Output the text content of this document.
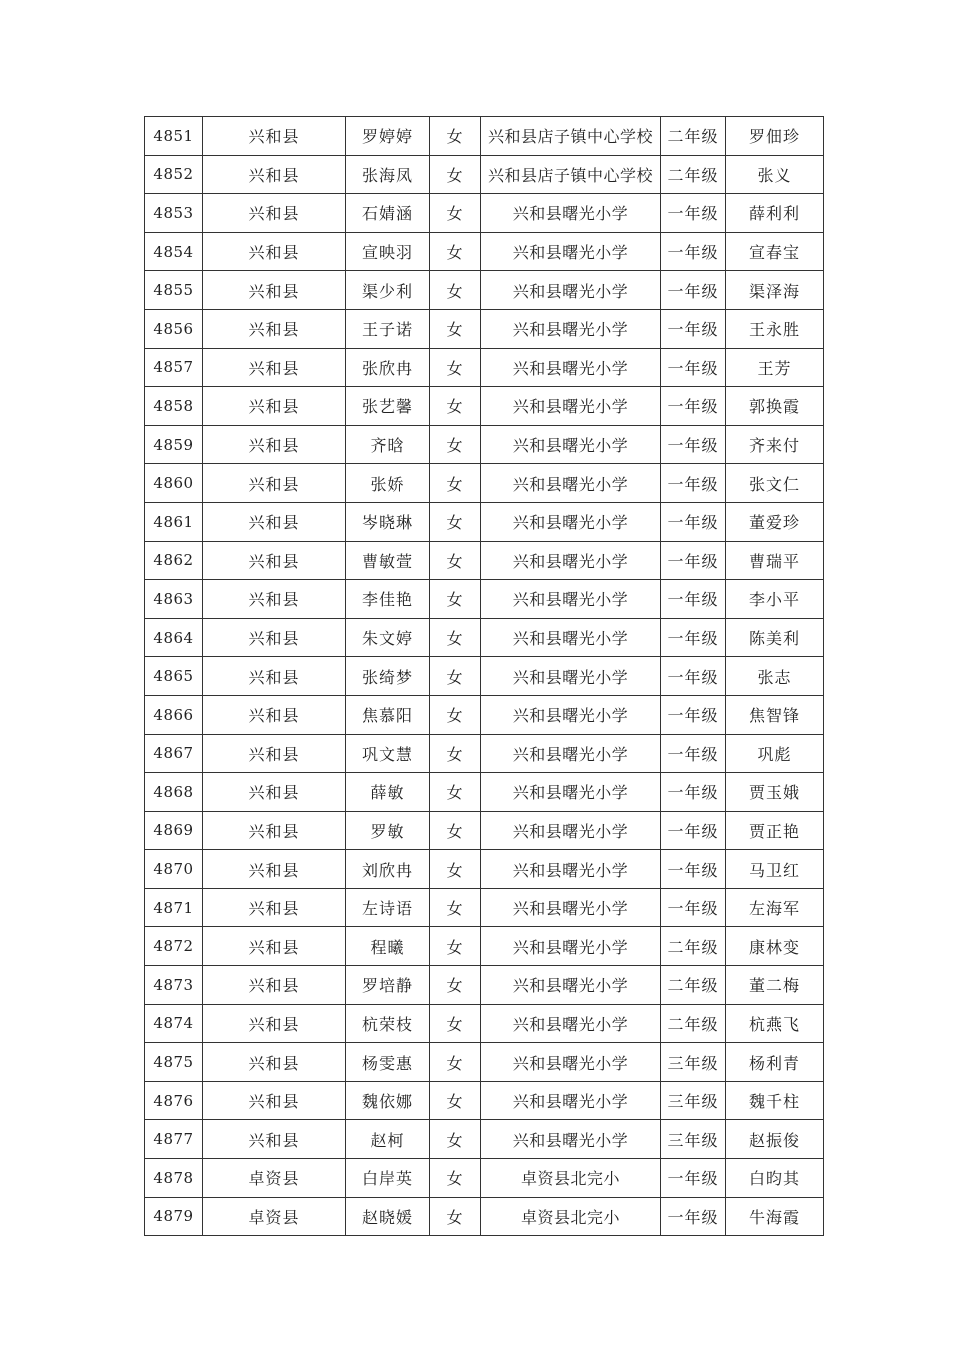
4851	兴和县	罗婷婷	女	兴和县店子镇中心学校	二年级	罗佃珍
4852	兴和县	张海凤	女	兴和县店子镇中心学校	二年级	张义
4853	兴和县	石婧涵	女	兴和县曙光小学	一年级	薛利利
4854	兴和县	宣映羽	女	兴和县曙光小学	一年级	宣春宝
4855	兴和县	渠少利	女	兴和县曙光小学	一年级	渠泽海
4856	兴和县	王子诺	女	兴和县曙光小学	一年级	王永胜
4857	兴和县	张欣冉	女	兴和县曙光小学	一年级	王芳
4858	兴和县	张艺馨	女	兴和县曙光小学	一年级	郭换霞
4859	兴和县	齐晗	女	兴和县曙光小学	一年级	齐来付
4860	兴和县	张娇	女	兴和县曙光小学	一年级	张文仁
4861	兴和县	岑晓琳	女	兴和县曙光小学	一年级	董爱珍
4862	兴和县	曹敏萱	女	兴和县曙光小学	一年级	曹瑞平
4863	兴和县	李佳艳	女	兴和县曙光小学	一年级	李小平
4864	兴和县	朱文婷	女	兴和县曙光小学	一年级	陈美利
4865	兴和县	张绮梦	女	兴和县曙光小学	一年级	张志
4866	兴和县	焦慕阳	女	兴和县曙光小学	一年级	焦智锋
4867	兴和县	巩文慧	女	兴和县曙光小学	一年级	巩彪
4868	兴和县	薛敏	女	兴和县曙光小学	一年级	贾玉娥
4869	兴和县	罗敏	女	兴和县曙光小学	一年级	贾正艳
4870	兴和县	刘欣冉	女	兴和县曙光小学	一年级	马卫红
4871	兴和县	左诗语	女	兴和县曙光小学	一年级	左海军
4872	兴和县	程曦	女	兴和县曙光小学	二年级	康林变
4873	兴和县	罗培静	女	兴和县曙光小学	二年级	董二梅
4874	兴和县	杭荣枝	女	兴和县曙光小学	二年级	杭燕飞
4875	兴和县	杨雯惠	女	兴和县曙光小学	三年级	杨利青
4876	兴和县	魏依娜	女	兴和县曙光小学	三年级	魏千柱
4877	兴和县	赵柯	女	兴和县曙光小学	三年级	赵振俊
4878	卓资县	白岸英	女	卓资县北完小	一年级	白昀其
4879	卓资县	赵晓媛	女	卓资县北完小	一年级	牛海霞
